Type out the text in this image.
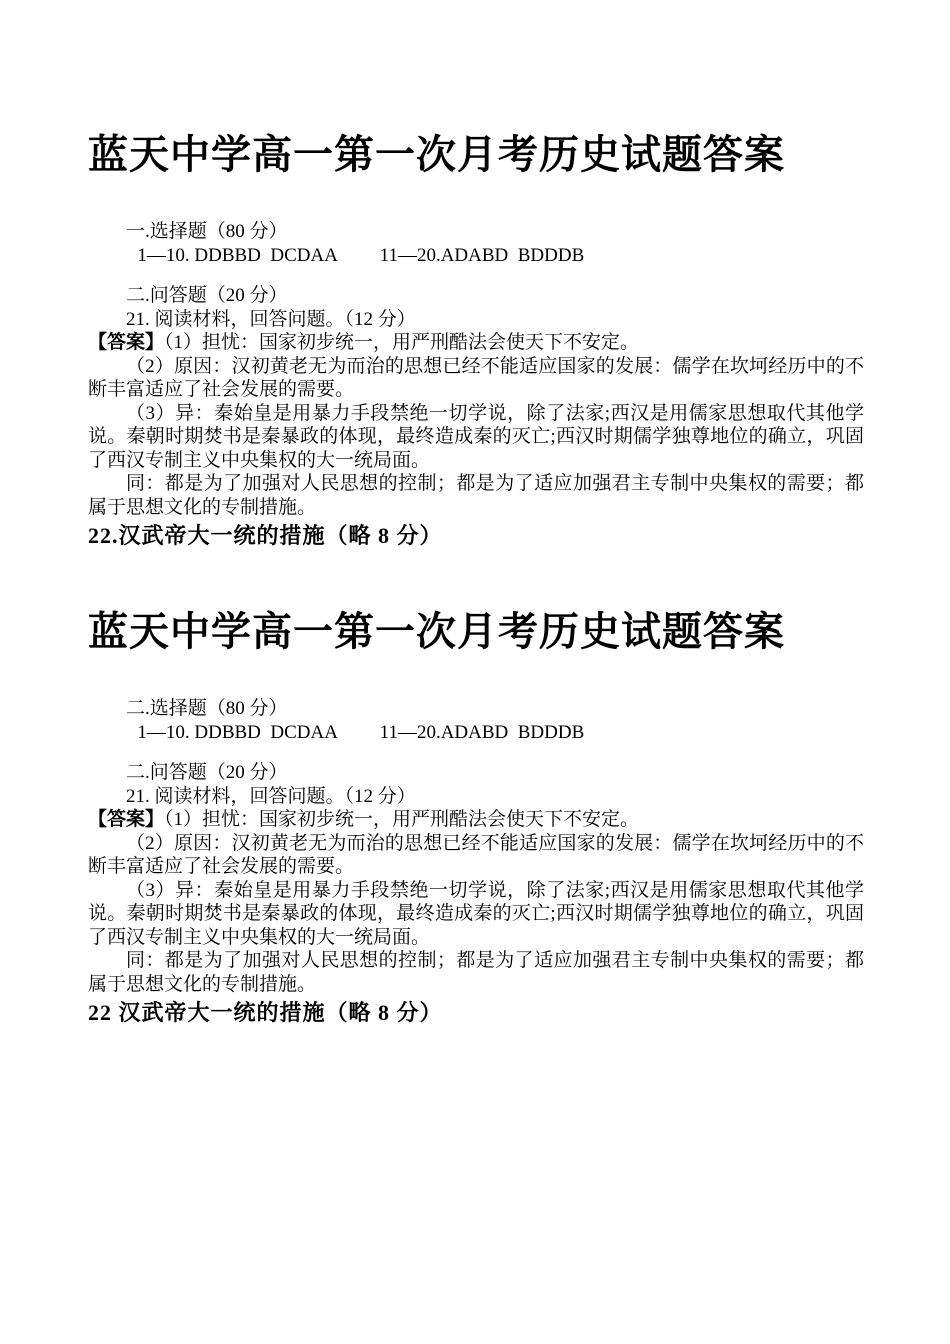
蓝天中学高一第一次月考历史试题答案
一.选择题（80 分）
1—10. DDBBD  DCDAA         11—20.ADABD  BDDDB
二.问答题（20 分）
21. 阅读材料，回答问题。（12 分）
【答案】（1）担忧：国家初步统一，用严刑酷法会使天下不安定。
（2）原因：汉初黄老无为而治的思想已经不能适应国家的发展：儒学在坎坷经历中的不断丰富适应了社会发展的需要。
（3）异：秦始皇是用暴力手段禁绝一切学说，除了法家;西汉是用儒家思想取代其他学说。秦朝时期焚书是秦暴政的体现，最终造成秦的灭亡;西汉时期儒学独尊地位的确立，巩固了西汉专制主义中央集权的大一统局面。
同：都是为了加强对人民思想的控制；都是为了适应加强君主专制中央集权的需要；都属于思想文化的专制措施。
22.汉武帝大一统的措施（略 8 分）
蓝天中学高一第一次月考历史试题答案
二.选择题（80 分）
1—10. DDBBD  DCDAA         11—20.ADABD  BDDDB
二.问答题（20 分）
21. 阅读材料，回答问题。（12 分）
【答案】（1）担忧：国家初步统一，用严刑酷法会使天下不安定。
（2）原因：汉初黄老无为而治的思想已经不能适应国家的发展：儒学在坎坷经历中的不断丰富适应了社会发展的需要。
（3）异：秦始皇是用暴力手段禁绝一切学说，除了法家;西汉是用儒家思想取代其他学说。秦朝时期焚书是秦暴政的体现，最终造成秦的灭亡;西汉时期儒学独尊地位的确立，巩固了西汉专制主义中央集权的大一统局面。
同：都是为了加强对人民思想的控制；都是为了适应加强君主专制中央集权的需要；都属于思想文化的专制措施。
22 汉武帝大一统的措施（略 8 分）
